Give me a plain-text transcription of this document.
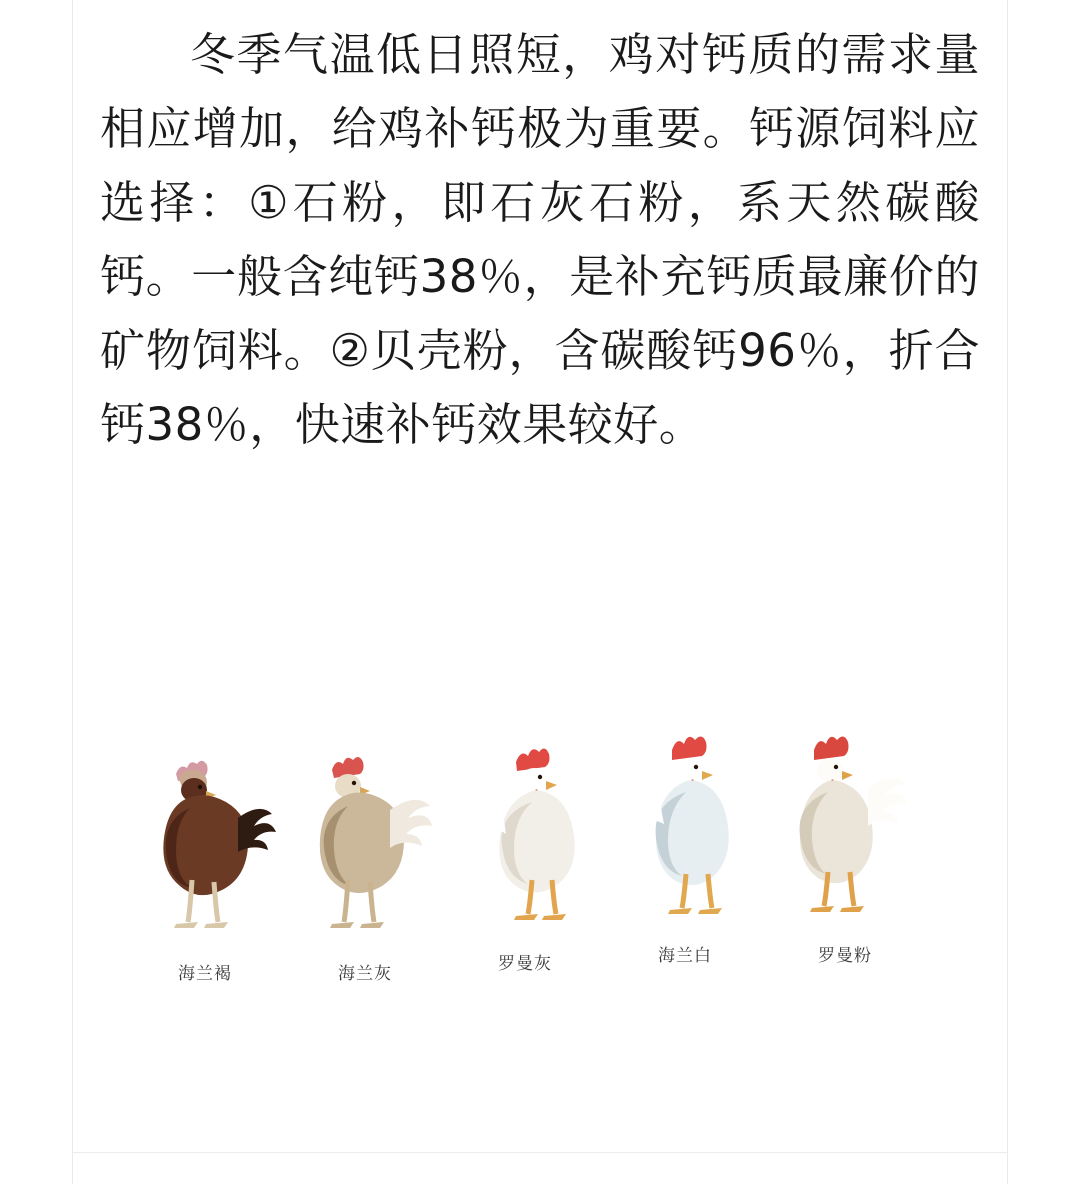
冬季气温低日照短，鸡对钙质的需求量相应增加，给鸡补钙极为重要。钙源饲料应选择：①石粉，即石灰石粉，系天然碳酸钙。一般含纯钙38％，是补充钙质最廉价的矿物饲料。②贝壳粉，含碳酸钙96％，折合钙38％，快速补钙效果较好。

海兰褐	海兰灰	罗曼灰	海兰白	罗曼粉
